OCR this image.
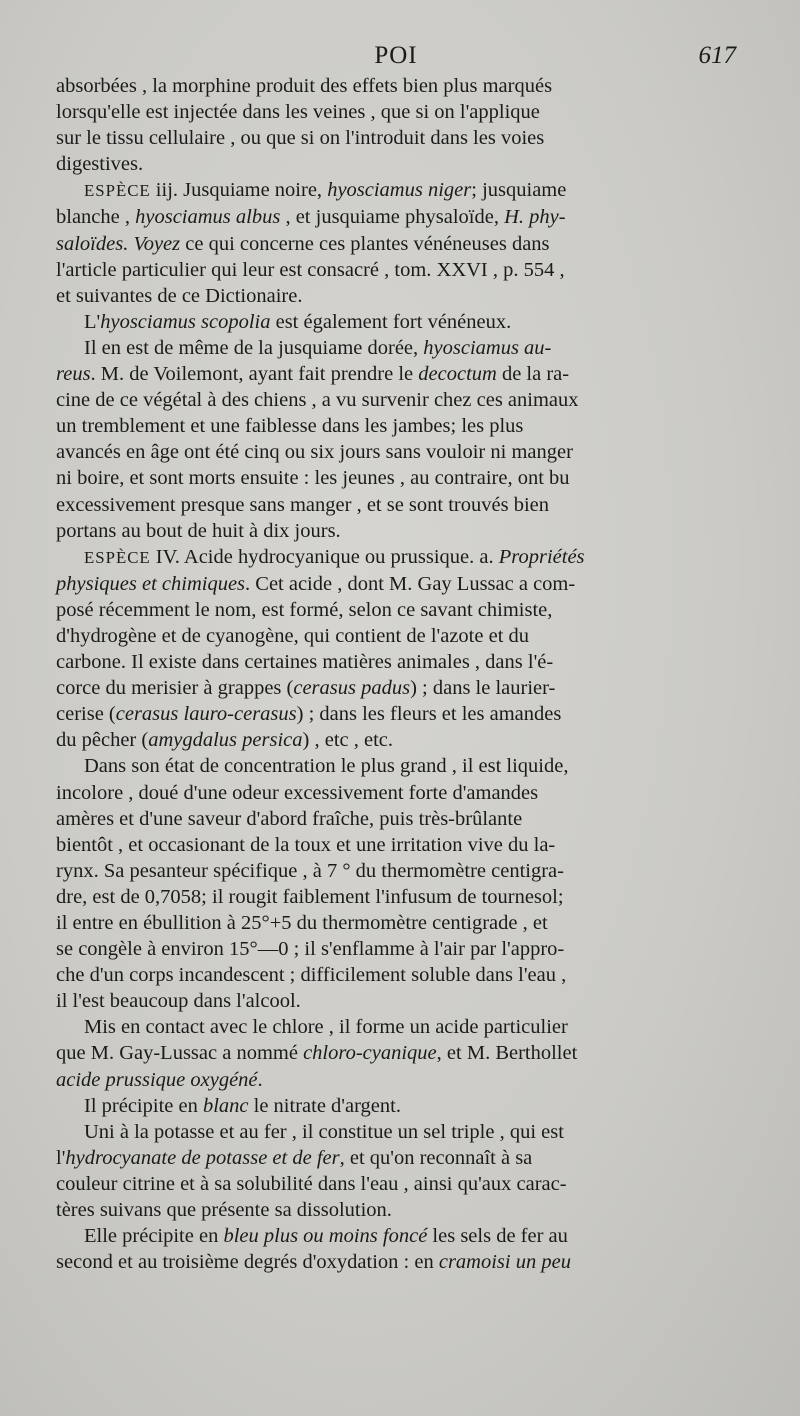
POI	617
absorbées , la morphine produit des effets bien plus marqués
lorsqu'elle est injectée dans les veines , que si on l'applique
sur le tissu cellulaire , ou que si on l'introduit dans les voies
digestives.
ESPÈCE iij. Jusquiame noire, hyosciamus niger; jusquiame
blanche , hyosciamus albus , et jusquiame physaloïde, H. phy-
saloïdes. Voyez ce qui concerne ces plantes vénéneuses dans
l'article particulier qui leur est consacré , tom. XXVI , p. 554 ,
et suivantes de ce Dictionaire.
L'hyosciamus scopolia est également fort vénéneux.
Il en est de même de la jusquiame dorée, hyosciamus au-
reus. M. de Voilemont, ayant fait prendre le decoctum de la ra-
cine de ce végétal à des chiens , a vu survenir chez ces animaux
un tremblement et une faiblesse dans les jambes; les plus
avancés en âge ont été cinq ou six jours sans vouloir ni manger
ni boire, et sont morts ensuite : les jeunes , au contraire, ont bu
excessivement presque sans manger , et se sont trouvés bien
portans au bout de huit à dix jours.
ESPÈCE IV. Acide hydrocyanique ou prussique. a. Propriétés
physiques et chimiques. Cet acide , dont M. Gay Lussac a com-
posé récemment le nom, est formé, selon ce savant chimiste,
d'hydrogène et de cyanogène, qui contient de l'azote et du
carbone. Il existe dans certaines matières animales , dans l'é-
corce du merisier à grappes (cerasus padus) ; dans le laurier-
cerise (cerasus lauro-cerasus) ; dans les fleurs et les amandes
du pêcher (amygdalus persica) , etc , etc.
Dans son état de concentration le plus grand , il est liquide,
incolore , doué d'une odeur excessivement forte d'amandes
amères et d'une saveur d'abord fraîche, puis très-brûlante
bientôt , et occasionant de la toux et une irritation vive du la-
rynx. Sa pesanteur spécifique , à 7 ° du thermomètre centigra-
dre, est de 0,7058; il rougit faiblement l'infusum de tournesol;
il entre en ébullition à 25°+5 du thermomètre centigrade , et
se congèle à environ 15°—0 ; il s'enflamme à l'air par l'appro-
che d'un corps incandescent ; difficilement soluble dans l'eau ,
il l'est beaucoup dans l'alcool.
Mis en contact avec le chlore , il forme un acide particulier
que M. Gay-Lussac a nommé chloro-cyanique, et M. Berthollet
acide prussique oxygéné.
Il précipite en blanc le nitrate d'argent.
Uni à la potasse et au fer , il constitue un sel triple , qui est
l'hydrocyanate de potasse et de fer, et qu'on reconnaît à sa
couleur citrine et à sa solubilité dans l'eau , ainsi qu'aux carac-
tères suivans que présente sa dissolution.
Elle précipite en bleu plus ou moins foncé les sels de fer au
second et au troisième degrés d'oxydation : en cramoisi un peu
